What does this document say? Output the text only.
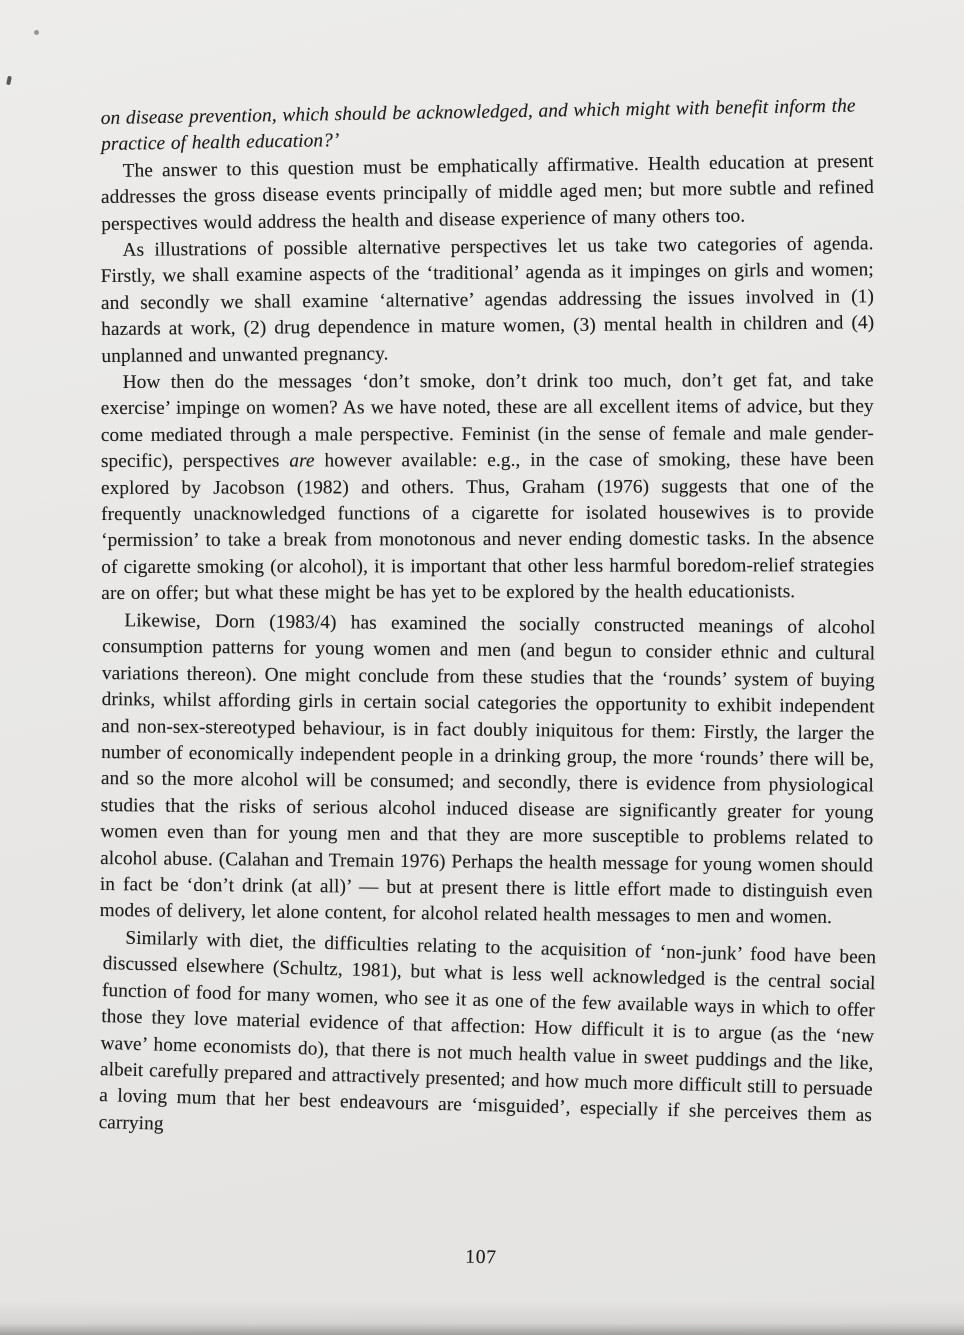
on disease prevention, which should be acknowledged, and which might with benefit inform the practice of health education?’

The answer to this question must be emphatically affirmative. Health education at present addresses the gross disease events principally of middle aged men; but more subtle and refined perspectives would address the health and disease experience of many others too.

As illustrations of possible alternative perspectives let us take two categories of agenda. Firstly, we shall examine aspects of the ‘traditional’ agenda as it impinges on girls and women; and secondly we shall examine ‘alternative’ agendas addressing the issues involved in (1) hazards at work, (2) drug dependence in mature women, (3) mental health in children and (4) unplanned and unwanted pregnancy.

How then do the messages ‘don’t smoke, don’t drink too much, don’t get fat, and take exercise’ impinge on women? As we have noted, these are all excellent items of advice, but they come mediated through a male perspective. Feminist (in the sense of female and male gender-specific), perspectives are however available: e.g., in the case of smoking, these have been explored by Jacobson (1982) and others. Thus, Graham (1976) suggests that one of the frequently unacknowledged functions of a cigarette for isolated housewives is to provide ‘permission’ to take a break from monotonous and never ending domestic tasks. In the absence of cigarette smoking (or alcohol), it is important that other less harmful boredom-relief strategies are on offer; but what these might be has yet to be explored by the health educationists.

Likewise, Dorn (1983/4) has examined the socially constructed meanings of alcohol consumption patterns for young women and men (and begun to consider ethnic and cultural variations thereon). One might conclude from these studies that the ‘rounds’ system of buying drinks, whilst affording girls in certain social categories the opportunity to exhibit independent and non-sex-stereotyped behaviour, is in fact doubly iniquitous for them: Firstly, the larger the number of economically independent people in a drinking group, the more ‘rounds’ there will be, and so the more alcohol will be consumed; and secondly, there is evidence from physiological studies that the risks of serious alcohol induced disease are significantly greater for young women even than for young men and that they are more susceptible to problems related to alcohol abuse. (Calahan and Tremain 1976) Perhaps the health message for young women should in fact be ‘don’t drink (at all)’ — but at present there is little effort made to distinguish even modes of delivery, let alone content, for alcohol related health messages to men and women.

Similarly with diet, the difficulties relating to the acquisition of ‘non-junk’ food have been discussed elsewhere (Schultz, 1981), but what is less well acknowledged is the central social function of food for many women, who see it as one of the few available ways in which to offer those they love material evidence of that affection: How difficult it is to argue (as the ‘new wave’ home economists do), that there is not much health value in sweet puddings and the like, albeit carefully prepared and attractively presented; and how much more difficult still to persuade a loving mum that her best endeavours are ‘misguided’, especially if she perceives them as carrying

107
